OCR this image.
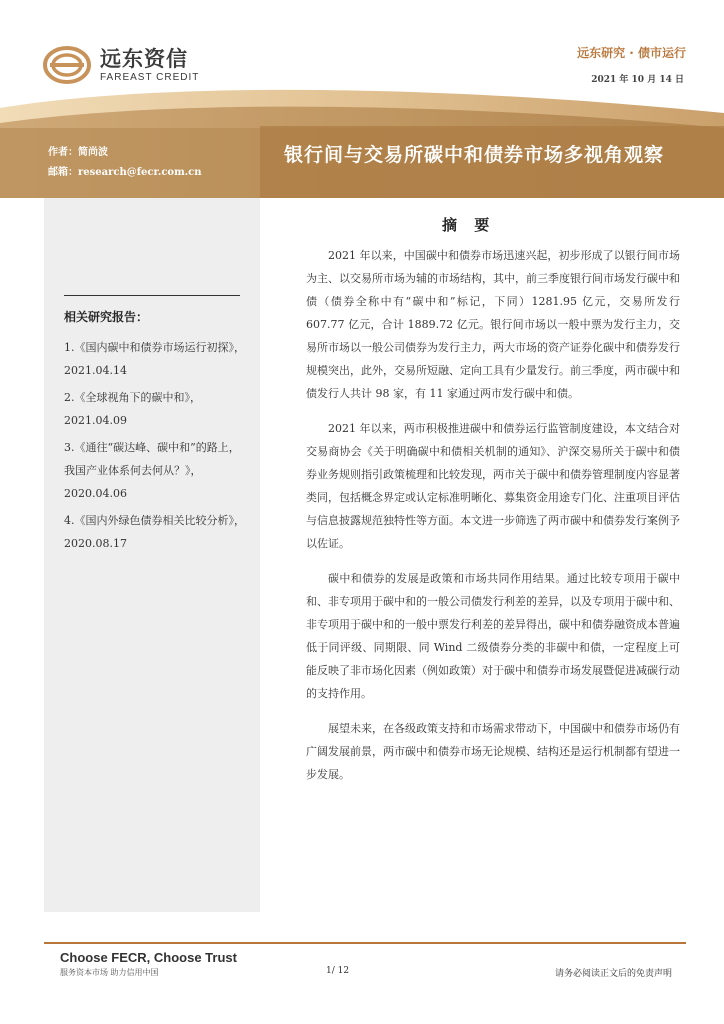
远东资信
FAREAST CREDIT
远东研究 · 债市运行
2021 年 10 月 14 日
作者：简尚波
邮箱：research@fecr.com.cn
银行间与交易所碳中和债券市场多视角观察
相关研究报告：
1.《国内碳中和债券市场运行初探》，2021.04.14
2.《全球视角下的碳中和》，2021.04.09
3.《通往“碳达峰、碳中和”的路上，我国产业体系何去何从？》，2020.04.06
4.《国内外绿色债券相关比较分析》，2020.08.17
摘 要

2021 年以来，中国碳中和债券市场迅速兴起，初步形成了以银行间市场为主、以交易所市场为辅的市场结构，其中，前三季度银行间市场发行碳中和债（债券全称中有“碳中和”标记，下同）1281.95 亿元，交易所发行 607.77 亿元，合计 1889.72 亿元。银行间市场以一般中票为发行主力，交易所市场以一般公司债券为发行主力，两大市场的资产证券化碳中和债券发行规模突出，此外，交易所短融、定向工具有少量发行。前三季度，两市碳中和债发行人共计 98 家，有 11 家通过两市发行碳中和债。

2021 年以来，两市积极推进碳中和债券运行监管制度建设，本文结合对交易商协会《关于明确碳中和债相关机制的通知》、沪深交易所关于碳中和债券业务规则指引政策梳理和比较发现，两市关于碳中和债券管理制度内容显著类同，包括概念界定或认定标准明晰化、募集资金用途专门化、注重项目评估与信息披露规范独特性等方面。本文进一步筛选了两市碳中和债券发行案例予以佐证。

碳中和债券的发展是政策和市场共同作用结果。通过比较专项用于碳中和、非专项用于碳中和的一般公司债发行利差的差异，以及专项用于碳中和、非专项用于碳中和的一般中票发行利差的差异得出，碳中和债券融资成本普遍低于同评级、同期限、同 Wind 二级债券分类的非碳中和债，一定程度上可能反映了非市场化因素（例如政策）对于碳中和债券市场发展暨促进减碳行动的支持作用。

展望未来，在各级政策支持和市场需求带动下，中国碳中和债券市场仍有广阔发展前景，两市碳中和债券市场无论规模、结构还是运行机制都有望进一步发展。

Choose FECR, Choose Trust
服务资本市场 助力信用中国	1/ 12	请务必阅读正文后的免责声明
